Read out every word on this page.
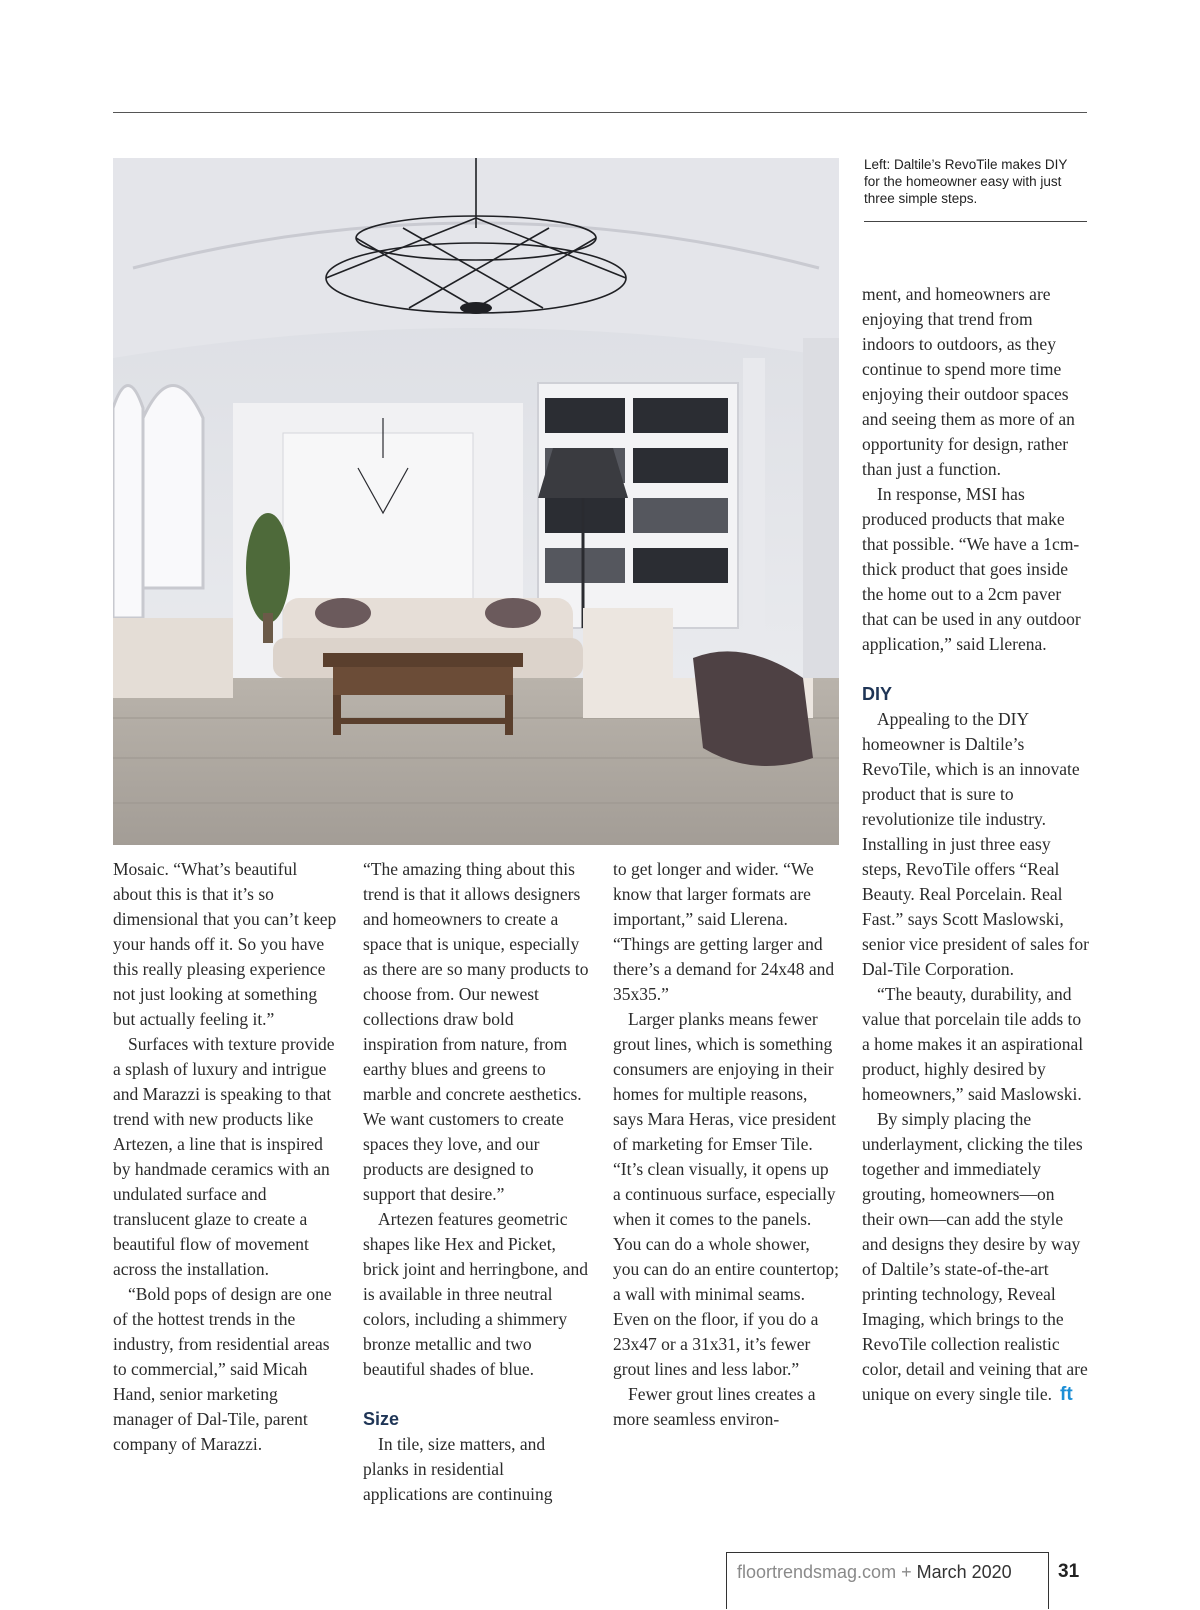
Left: Daltile’s RevoTile makes DIY for the homeowner easy with just three simple steps.

Mosaic. “What’s beautiful about this is that it’s so dimensional that you can’t keep your hands off it. So you have this really pleasing experience not just looking at something but actually feeling it.”

Surfaces with texture provide a splash of luxury and intrigue and Marazzi is speaking to that trend with new products like Artezen, a line that is inspired by handmade ceramics with an undulated surface and translucent glaze to create a beautiful flow of movement across the installation.

“Bold pops of design are one of the hottest trends in the industry, from residential areas to commercial,” said Micah Hand, senior marketing manager of Dal-Tile, parent company of Marazzi.

“The amazing thing about this trend is that it allows designers and homeowners to create a space that is unique, especially as there are so many products to choose from. Our newest collections draw bold inspiration from nature, from earthy blues and greens to marble and concrete aesthetics. We want customers to create spaces they love, and our products are designed to support that desire.”

Artezen features geometric shapes like Hex and Picket, brick joint and herringbone, and is available in three neutral colors, including a shimmery bronze metallic and two beautiful shades of blue.

Size

In tile, size matters, and planks in residential applications are continuing

to get longer and wider. “We know that larger formats are important,” said Llerena. “Things are getting larger and there’s a demand for 24x48 and 35x35.”

Larger planks means fewer grout lines, which is something consumers are enjoying in their homes for multiple reasons, says Mara Heras, vice president of marketing for Emser Tile. “It’s clean visually, it opens up a continuous surface, especially when it comes to the panels. You can do a whole shower, you can do an entire countertop; a wall with minimal seams. Even on the floor, if you do a 23x47 or a 31x31, it’s fewer grout lines and less labor.”

Fewer grout lines creates a more seamless environ-

ment, and homeowners are enjoying that trend from indoors to outdoors, as they continue to spend more time enjoying their outdoor spaces and seeing them as more of an opportunity for design, rather than just a function.

In response, MSI has produced products that make that possible. “We have a 1cm-thick product that goes inside the home out to a 2cm paver that can be used in any outdoor application,” said Llerena.

DIY

Appealing to the DIY homeowner is Daltile’s RevoTile, which is an innovate product that is sure to revolutionize tile industry. Installing in just three easy steps, RevoTile offers “Real Beauty. Real Porcelain. Real Fast.” says Scott Maslowski, senior vice president of sales for Dal-Tile Corporation.

“The beauty, durability, and value that porcelain tile adds to a home makes it an aspirational product, highly desired by homeowners,” said Maslowski.

By simply placing the underlayment, clicking the tiles together and immediately grouting, homeowners—on their own—can add the style and designs they desire by way of Daltile’s state-of-the-art printing technology, Reveal Imaging, which brings to the RevoTile collection realistic color, detail and veining that are unique on every single tile. ft

floortrendsmag.com + March 2020 31
